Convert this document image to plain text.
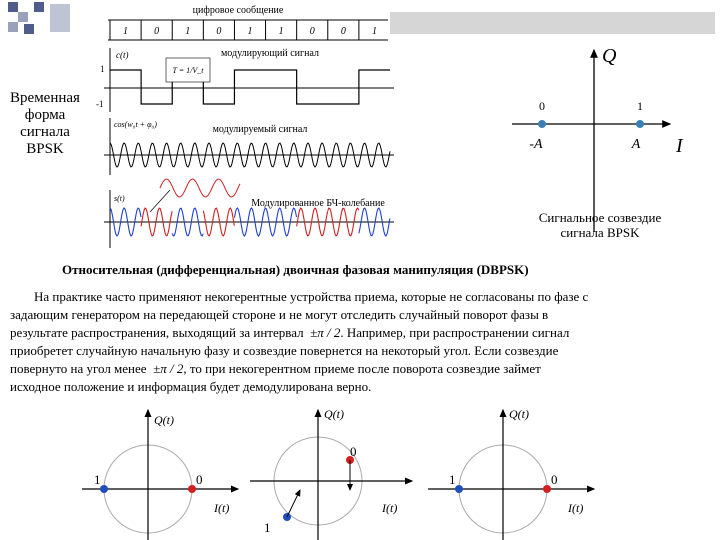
цифровое сообщение
1	0	1	0	1	1	0	0	1
модулирующий сигнал
c(t)
1
-1
T = 1/V_t
модулируемый сигнал
cos(w₀t + φ₀)
Модулированное БЧ-колебание
s(t)
Временная
форма
сигнала
BPSK
Q
I
0	1
-A	A
Сигнальное созвездие
сигнала BPSK
Относительная (дифференциальная) двоичная фазовая манипуляция (DBPSK)
На практике часто применяют некогерентные устройства приема, которые не согласованы по фазе с
задающим генератором на передающей стороне и не могут отследить случайный поворот фазы в
результате распространения, выходящий за интервал ±π / 2. Например, при распространении сигнал
приобретет случайную начальную фазу и созвездие повернется на некоторый угол. Если созвездие
повернуто на угол менее ±π / 2, то при некогерентном приеме после поворота созвездие займет
исходное положение и информация будет демодулирована верно.
Q(t)
I(t)
1	0
Q(t)
I(t)
0
1
Q(t)
I(t)
1	0
